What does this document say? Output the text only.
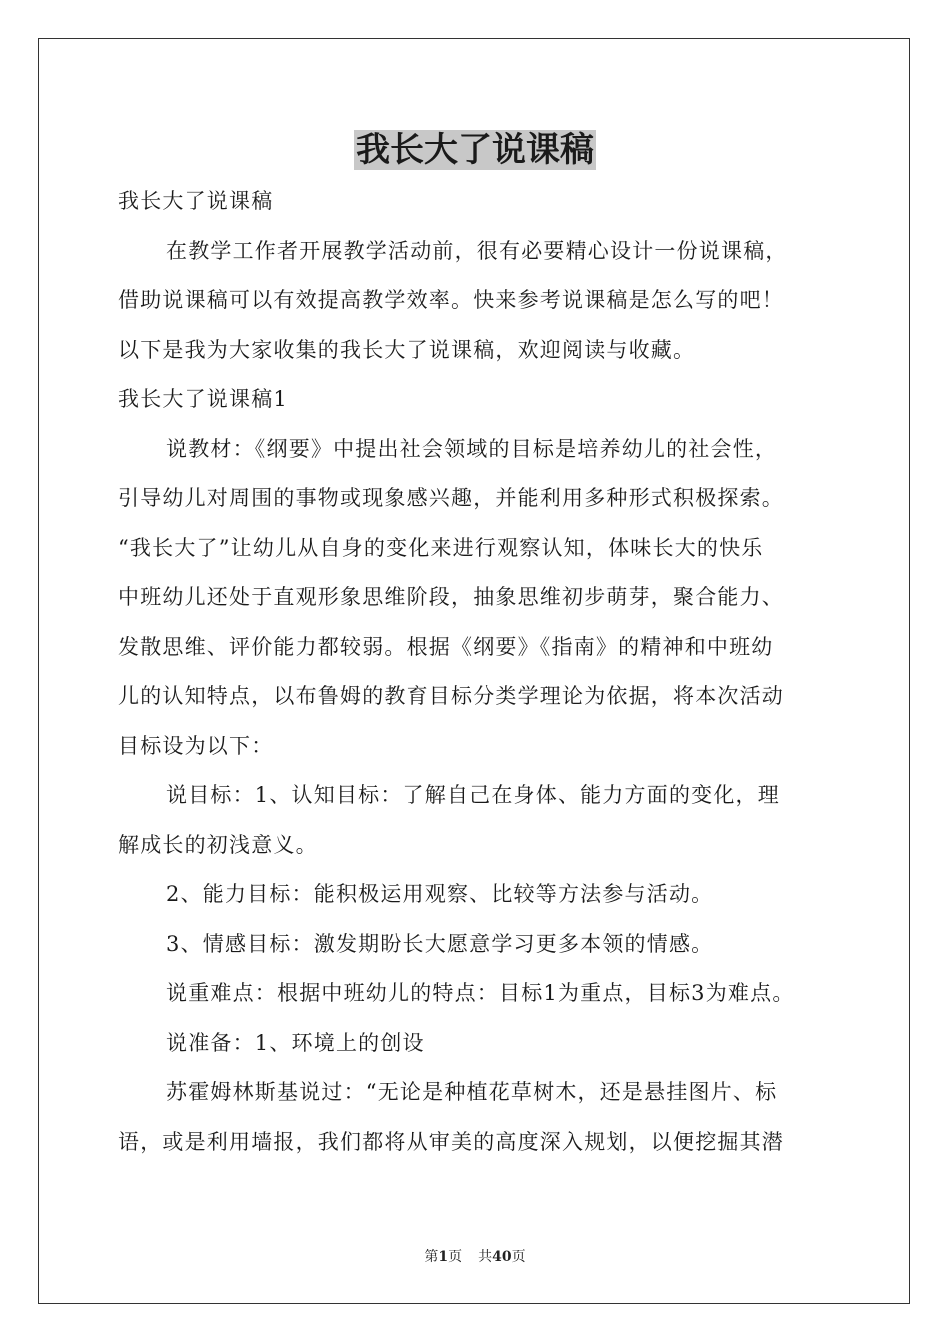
我长大了说课稿

我长大了说课稿

在教学工作者开展教学活动前，很有必要精心设计一份说课稿，

借助说课稿可以有效提高教学效率。快来参考说课稿是怎么写的吧！

以下是我为大家收集的我长大了说课稿，欢迎阅读与收藏。

我长大了说课稿1

说教材：《纲要》中提出社会领域的目标是培养幼儿的社会性，

引导幼儿对周围的事物或现象感兴趣，并能利用多种形式积极探索。

“我长大了”让幼儿从自身的变化来进行观察认知，体味长大的快乐

中班幼儿还处于直观形象思维阶段，抽象思维初步萌芽，聚合能力、

发散思维、评价能力都较弱。根据《纲要》《指南》的精神和中班幼

儿的认知特点，以布鲁姆的教育目标分类学理论为依据，将本次活动

目标设为以下：

说目标：1、认知目标：了解自己在身体、能力方面的变化，理

解成长的初浅意义。

2、能力目标：能积极运用观察、比较等方法参与活动。

3、情感目标：激发期盼长大愿意学习更多本领的情感。

说重难点：根据中班幼儿的特点：目标1为重点，目标3为难点。

说准备：1、环境上的创设

苏霍姆林斯基说过：“无论是种植花草树木，还是悬挂图片、标

语，或是利用墙报，我们都将从审美的高度深入规划，以便挖掘其潜

第1页 共40页
